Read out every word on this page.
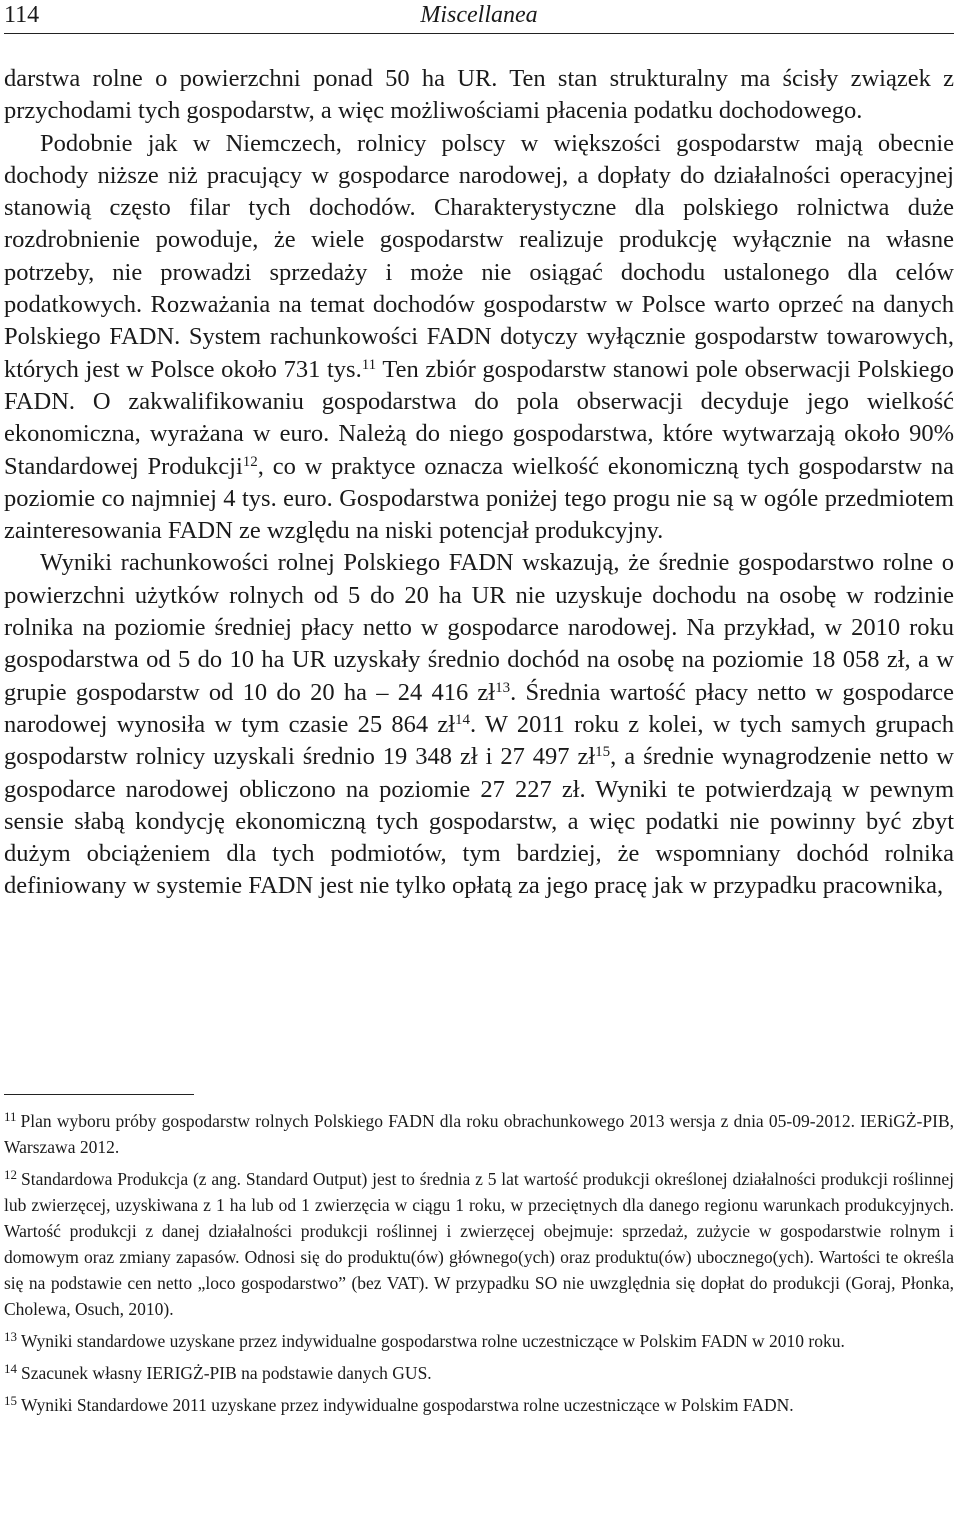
114	Miscellanea

darstwa rolne o powierzchni ponad 50 ha UR. Ten stan strukturalny ma ścisły związek z przychodami tych gospodarstw, a więc możliwościami płacenia podatku dochodowego.

Podobnie jak w Niemczech, rolnicy polscy w większości gospodarstw mają obecnie dochody niższe niż pracujący w gospodarce narodowej, a dopłaty do działalności operacyjnej stanowią często filar tych dochodów. Charakterystyczne dla polskiego rolnictwa duże rozdrobnienie powoduje, że wiele gospodarstw realizuje produkcję wyłącznie na własne potrzeby, nie prowadzi sprzedaży i może nie osiągać dochodu ustalonego dla celów podatkowych. Rozważania na temat dochodów gospodarstw w Polsce warto oprzeć na danych Polskiego FADN. System rachunkowości FADN dotyczy wyłącznie gospodarstw towarowych, których jest w Polsce około 731 tys.$^{11}$ Ten zbiór gospodarstw stanowi pole obserwacji Polskiego FADN. O zakwalifikowaniu gospodarstwa do pola obserwacji decyduje jego wielkość ekonomiczna, wyrażana w euro. Należą do niego gospodarstwa, które wytwarzają około 90% Standardowej Produkcji$^{12}$, co w praktyce oznacza wielkość ekonomiczną tych gospodarstw na poziomie co najmniej 4 tys. euro. Gospodarstwa poniżej tego progu nie są w ogóle przedmiotem zainteresowania FADN ze względu na niski potencjał produkcyjny.

Wyniki rachunkowości rolnej Polskiego FADN wskazują, że średnie gospodarstwo rolne o powierzchni użytków rolnych od 5 do 20 ha UR nie uzyskuje dochodu na osobę w rodzinie rolnika na poziomie średniej płacy netto w gospodarce narodowej. Na przykład, w 2010 roku gospodarstwa od 5 do 10 ha UR uzyskały średnio dochód na osobę na poziomie 18 058 zł, a w grupie gospodarstw od 10 do 20 ha – 24 416 zł$^{13}$. Średnia wartość płacy netto w gospodarce narodowej wynosiła w tym czasie 25 864 zł$^{14}$. W 2011 roku z kolei, w tych samych grupach gospodarstw rolnicy uzyskali średnio 19 348 zł i 27 497 zł$^{15}$, a średnie wynagrodzenie netto w gospodarce narodowej obliczono na poziomie 27 227 zł. Wyniki te potwierdzają w pewnym sensie słabą kondycję ekonomiczną tych gospodarstw, a więc podatki nie powinny być zbyt dużym obciążeniem dla tych podmiotów, tym bardziej, że wspomniany dochód rolnika definiowany w systemie FADN jest nie tylko opłatą za jego pracę jak w przypadku pracownika,

$^{11}$ Plan wyboru próby gospodarstw rolnych Polskiego FADN dla roku obrachunkowego 2013 wersja z dnia 05-09-2012. IERiGŻ-PIB, Warszawa 2012.

$^{12}$ Standardowa Produkcja (z ang. Standard Output) jest to średnia z 5 lat wartość produkcji określonej działalności produkcji roślinnej lub zwierzęcej, uzyskiwana z 1 ha lub od 1 zwierzęcia w ciągu 1 roku, w przeciętnych dla danego regionu warunkach produkcyjnych. Wartość produkcji z danej działalności produkcji roślinnej i zwierzęcej obejmuje: sprzedaż, zużycie w gospodarstwie rolnym i domowym oraz zmiany zapasów. Odnosi się do produktu(ów) głównego(ych) oraz produktu(ów) ubocznego(ych). Wartości te określa się na podstawie cen netto „loco gospodarstwo” (bez VAT). W przypadku SO nie uwzględnia się dopłat do produkcji (Goraj, Płonka, Cholewa, Osuch, 2010).

$^{13}$ Wyniki standardowe uzyskane przez indywidualne gospodarstwa rolne uczestniczące w Polskim FADN w 2010 roku.

$^{14}$ Szacunek własny IERIGŻ-PIB na podstawie danych GUS.

$^{15}$ Wyniki Standardowe 2011 uzyskane przez indywidualne gospodarstwa rolne uczestniczące w Polskim FADN.
